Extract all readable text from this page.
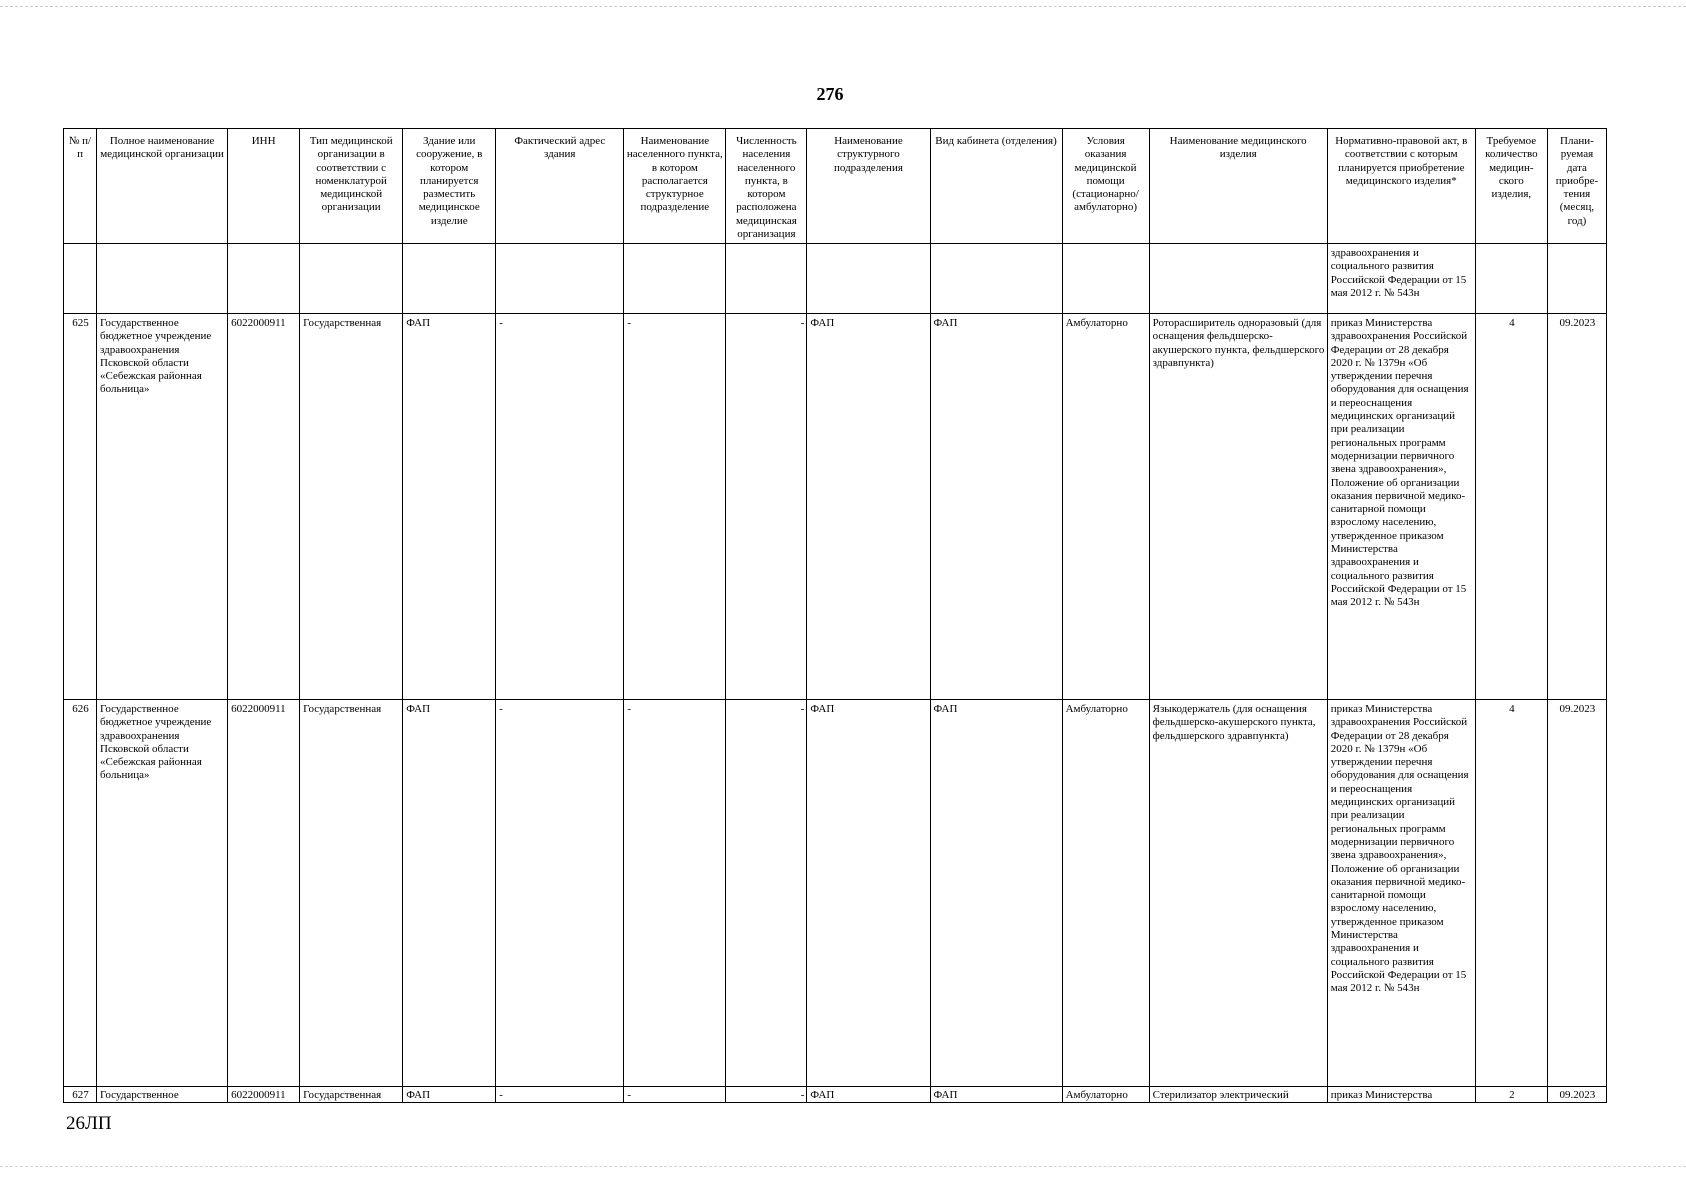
276
№ п/п	Полное наименование медицинской организации	ИНН	Тип медицинской организации в соответствии с номенклатурой медицинской организации	Здание или сооружение, в котором планируется разместить медицинское изделие	Фактический адрес здания	Наименование населенного пункта, в котором располагается структурное подразделение	Численность населения населенного пункта, в котором расположена медицинская организация	Наименование структурного подразделения	Вид кабинета (отделения)	Условия оказания медицинской помощи (стационарно/ амбулаторно)	Наименование медицинского изделия	Нормативно-правовой акт, в соответствии с которым планируется приобретение медицинского изделия*	Требуемое количество медицин-ского изделия,	Плани-руемая дата приобре-тения (месяц, год)
												здравоохранения и социального развития Российской Федерации от 15 мая 2012 г. № 543н		
625	Государственное бюджетное учреждение здравоохранения Псковской области «Себежская районная больница»	6022000911	Государственная	ФАП	-	-	-	ФАП	ФАП	Амбулаторно	Роторасширитель одноразовый (для оснащения фельдшерско-акушерского пункта, фельдшерского здравпункта)	приказ Министерства здравоохранения Российской Федерации от 28 декабря 2020 г. № 1379н «Об утверждении перечня оборудования для оснащения и переоснащения медицинских организаций при реализации региональных программ модернизации первичного звена здравоохранения», Положение об организации оказания первичной медико-санитарной помощи взрослому населению, утвержденное приказом Министерства здравоохранения и социального развития Российской Федерации от 15 мая 2012 г. № 543н	4	09.2023
626	Государственное бюджетное учреждение здравоохранения Псковской области «Себежская районная больница»	6022000911	Государственная	ФАП	-	-	-	ФАП	ФАП	Амбулаторно	Языкодержатель (для оснащения фельдшерско-акушерского пункта, фельдшерского здравпункта)	приказ Министерства здравоохранения Российской Федерации от 28 декабря 2020 г. № 1379н «Об утверждении перечня оборудования для оснащения и переоснащения медицинских организаций при реализации региональных программ модернизации первичного звена здравоохранения», Положение об организации оказания первичной медико-санитарной помощи взрослому населению, утвержденное приказом Министерства здравоохранения и социального развития Российской Федерации от 15 мая 2012 г. № 543н	4	09.2023
627	Государственное	6022000911	Государственная	ФАП	-	-	-	ФАП	ФАП	Амбулаторно	Стерилизатор электрический	приказ Министерства	2	09.2023
26ЛП
